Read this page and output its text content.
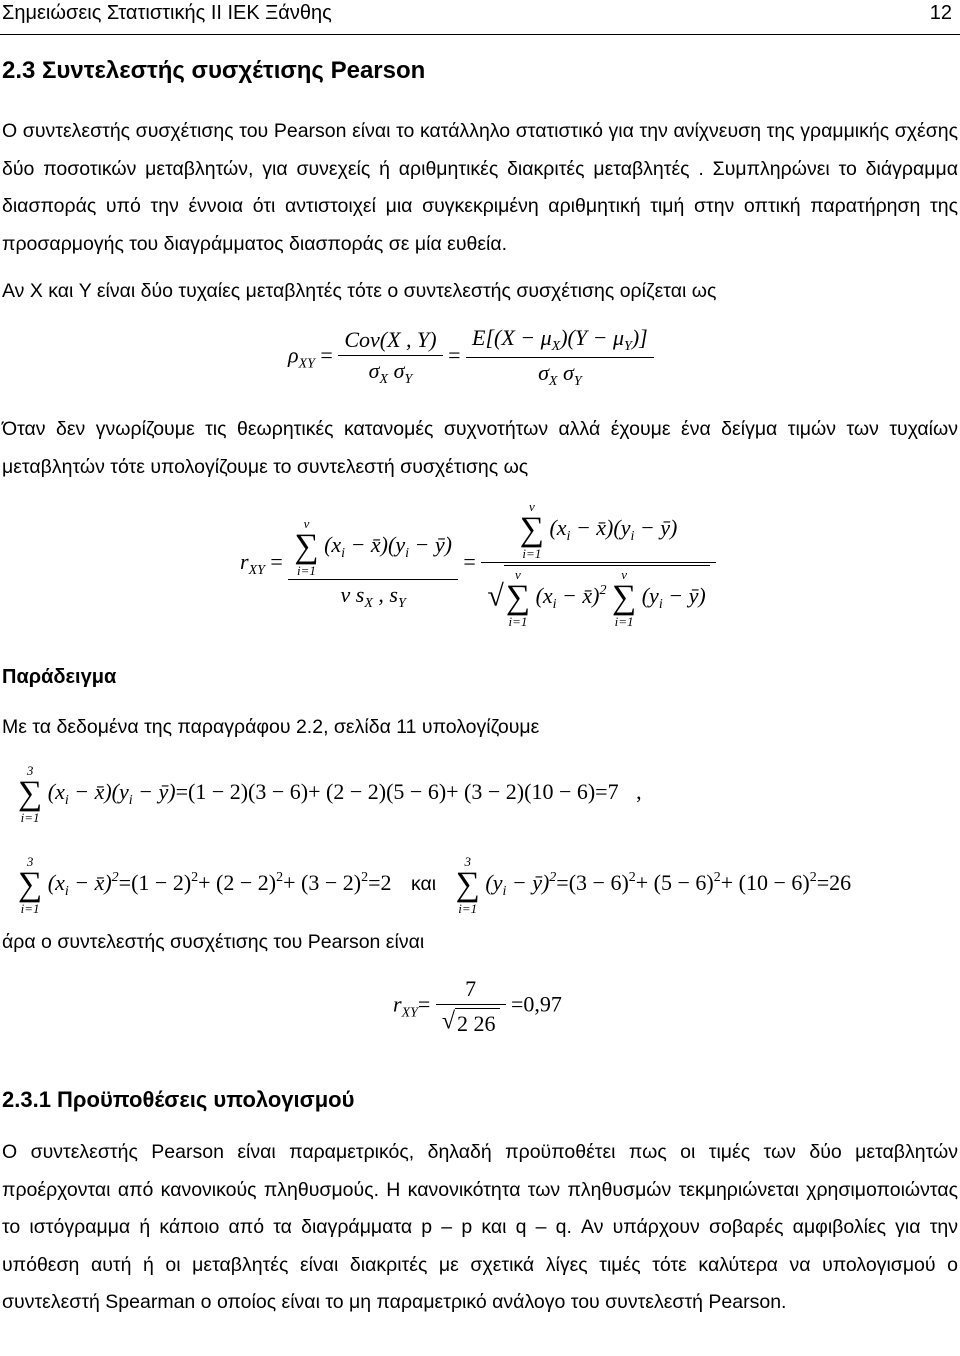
Σημειώσεις Στατιστικής ΙΙ ΙΕΚ Ξάνθης	12
2.3 Συντελεστής συσχέτισης Pearson
Ο συντελεστής συσχέτισης του Pearson είναι το κατάλληλο στατιστικό για την ανίχνευση της γραμμικής σχέσης δύο ποσοτικών μεταβλητών, για συνεχείς ή αριθμητικές διακριτές μεταβλητές . Συμπληρώνει το διάγραμμα διασποράς υπό την έννοια ότι αντιστοιχεί μια συγκεκριμένη αριθμητική τιμή στην οπτική παρατήρηση της προσαρμογής του διαγράμματος διασποράς σε μία ευθεία.
Αν X και Y είναι δύο τυχαίες μεταβλητές τότε ο συντελεστής συσχέτισης ορίζεται ως
$\rho_{XY} = \frac{\text{Cov(X , Y)}}{\sigma_X \sigma_Y} = \frac{E[(X - \mu_X)(Y - \mu_Y)]}{\sigma_X \sigma_Y}$
Όταν δεν γνωρίζουμε τις θεωρητικές κατανομές συχνοτήτων αλλά έχουμε ένα δείγμα τιμών των τυχαίων μεταβλητών τότε υπολογίζουμε το συντελεστή συσχέτισης ως
$r_{XY} = \nu$
∑
i=1
($x_i$ − $x̄)(y_i$ − ȳ)
ν $s_X$ , $s_Y$ =
ν
∑
i=1
($x_i$ − $x̄)(y_i$ − ȳ)
√
ν
∑
i=1
($x_i$ − x̄)$^2$
ν
∑
i=1
($y_i$ − ȳ)
Παράδειγμα
Με τα δεδομένα της παραγράφου 2.2, σελίδα 11 υπολογίζουμε
3
∑
i=1
($x_i$ − $x̄)(y_i$ − ȳ)=(1 − 2)(3 − 6)+ (2 − 2)(5 − 6)+ (3 − 2)(10 − 6)=7 ,
3
∑
i=1
($x_i$ − x̄)$^2$=(1 − $2)^2+ (2 - 2)^2+ (3 - 2)^2=2$ και
3
∑
i=1
($y_i$ − ȳ)$^2$=(3 − $6)^2+ (5 - 6)^2+ (10 - 6)^2=26$
άρα ο συντελεστής συσχέτισης του Pearson είναι
$r_{XY}= \frac{7}{√2 26} =0,97$
2.3.1 Προϋποθέσεις υπολογισμού
Ο συντελεστής Pearson είναι παραμετρικός, δηλαδή προϋποθέτει πως οι τιμές των δύο μεταβλητών προέρχονται από κανονικούς πληθυσμούς. Η κανονικότητα των πληθυσμών τεκμηριώνεται χρησιμοποιώντας το ιστόγραμμα ή κάποιο από τα διαγράμματα p – p και q – q. Αν υπάρχουν σοβαρές αμφιβολίες για την υπόθεση αυτή ή οι μεταβλητές είναι διακριτές με σχετικά λίγες τιμές τότε καλύτερα να υπολογισμού ο συντελεστή Spearman ο οποίος είναι το μη παραμετρικό ανάλογο του συντελεστή Pearson.
